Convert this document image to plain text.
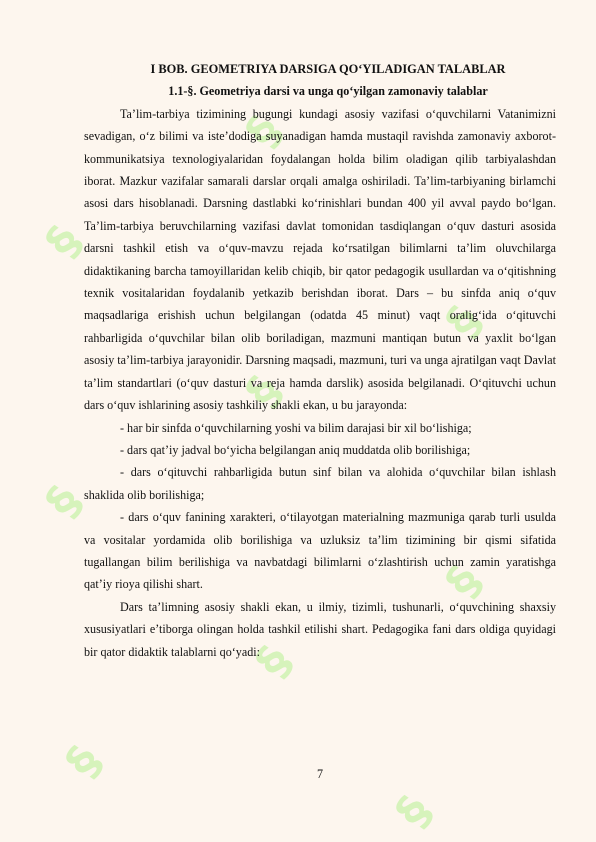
§
§
§
§
§
§
§
§
§
I BOB. GEOMETRIYA DARSIGA QO‘YILADIGAN TALABLAR
1.1-§. Geometriya darsi va unga qo‘yilgan zamonaviy talablar

Ta’lim-tarbiya tizimining bugungi kundagi asosiy vazifasi o‘quvchilarni Vatanimizni sevadigan, o‘z bilimi va iste’dodiga suyanadigan hamda mustaqil ravishda zamonaviy axborot-kommunikatsiya texnologiyalaridan foydalangan holda bilim oladigan qilib tarbiyalashdan iborat. Mazkur vazifalar samarali darslar orqali amalga oshiriladi. Ta’lim-tarbiyaning birlamchi asosi dars hisoblanadi. Darsning dastlabki ko‘rinishlari bundan 400 yil avval paydo bo‘lgan. Ta’lim-tarbiya beruvchilarning vazifasi davlat tomonidan tasdiqlangan o‘quv dasturi asosida darsni tashkil etish va o‘quv-mavzu rejada ko‘rsatilgan bilimlarni ta’lim oluvchilarga didaktikaning barcha tamoyillaridan kelib chiqib, bir qator pedagogik usullardan va o‘qitishning texnik vositalaridan foydalanib yetkazib berishdan iborat. Dars – bu sinfda aniq o‘quv maqsadlariga erishish uchun belgilangan (odatda 45 minut) vaqt oralig‘ida o‘qituvchi rahbarligida o‘quvchilar bilan olib boriladigan, mazmuni mantiqan butun va yaxlit bo‘lgan asosiy ta’lim-tarbiya jarayonidir. Darsning maqsadi, mazmuni, turi va unga ajratilgan vaqt Davlat ta’lim standartlari (o‘quv dasturi va reja hamda darslik) asosida belgilanadi. O‘qituvchi uchun dars o‘quv ishlarining asosiy tashkiliy shakli ekan, u bu jarayonda:

- har bir sinfda o‘quvchilarning yoshi va bilim darajasi bir xil bo‘lishiga;

- dars qat’iy jadval bo‘yicha belgilangan aniq muddatda olib borilishiga;

- dars o‘qituvchi rahbarligida butun sinf bilan va alohida o‘quvchilar bilan ishlash shaklida olib borilishiga;

- dars o‘quv fanining xarakteri, o‘tilayotgan materialning mazmuniga qarab turli usulda va vositalar yordamida olib borilishiga va uzluksiz ta’lim tizimining bir qismi sifatida tugallangan bilim berilishiga va navbatdagi bilimlarni o‘zlashtirish uchun zamin yaratishga qat’iy rioya qilishi shart.

Dars ta’limning asosiy shakli ekan, u ilmiy, tizimli, tushunarli, o‘quvchining shaxsiy xususiyatlari e’tiborga olingan holda tashkil etilishi shart. Pedagogika fani dars oldiga quyidagi bir qator didaktik talablarni qo‘yadi:

7
